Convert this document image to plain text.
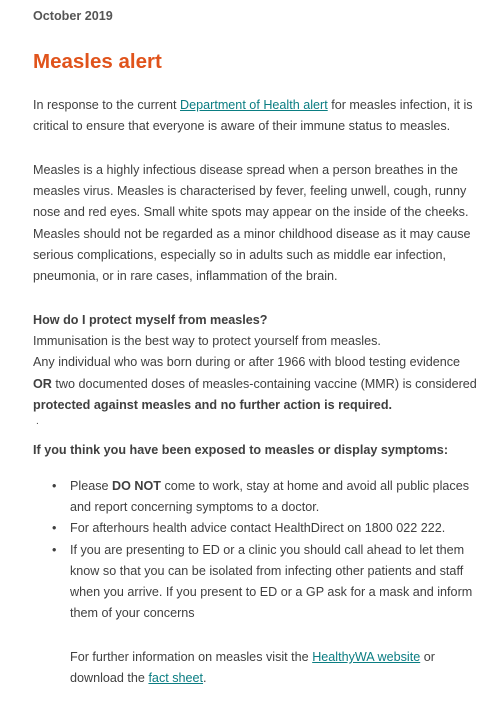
October 2019
Measles alert

In response to the current Department of Health alert for measles infection, it is critical to ensure that everyone is aware of their immune status to measles.

Measles is a highly infectious disease spread when a person breathes in the measles virus. Measles is characterised by fever, feeling unwell, cough, runny nose and red eyes. Small white spots may appear on the inside of the cheeks. Measles should not be regarded as a minor childhood disease as it may cause serious complications, especially so in adults such as middle ear infection, pneumonia, or in rare cases, inflammation of the brain.

How do I protect myself from measles?
Immunisation is the best way to protect yourself from measles.
Any individual who was born during or after 1966 with blood testing evidence OR two documented doses of measles-containing vaccine (MMR) is considered protected against measles and no further action is required.

.

If you think you have been exposed to measles or display symptoms:

• Please DO NOT come to work, stay at home and avoid all public places and report concerning symptoms to a doctor.
• For afterhours health advice contact HealthDirect on 1800 022 222.
• If you are presenting to ED or a clinic you should call ahead to let them know so that you can be isolated from infecting other patients and staff when you arrive. If you present to ED or a GP ask for a mask and inform them of your concerns

For further information on measles visit the HealthyWA website or download the fact sheet.
